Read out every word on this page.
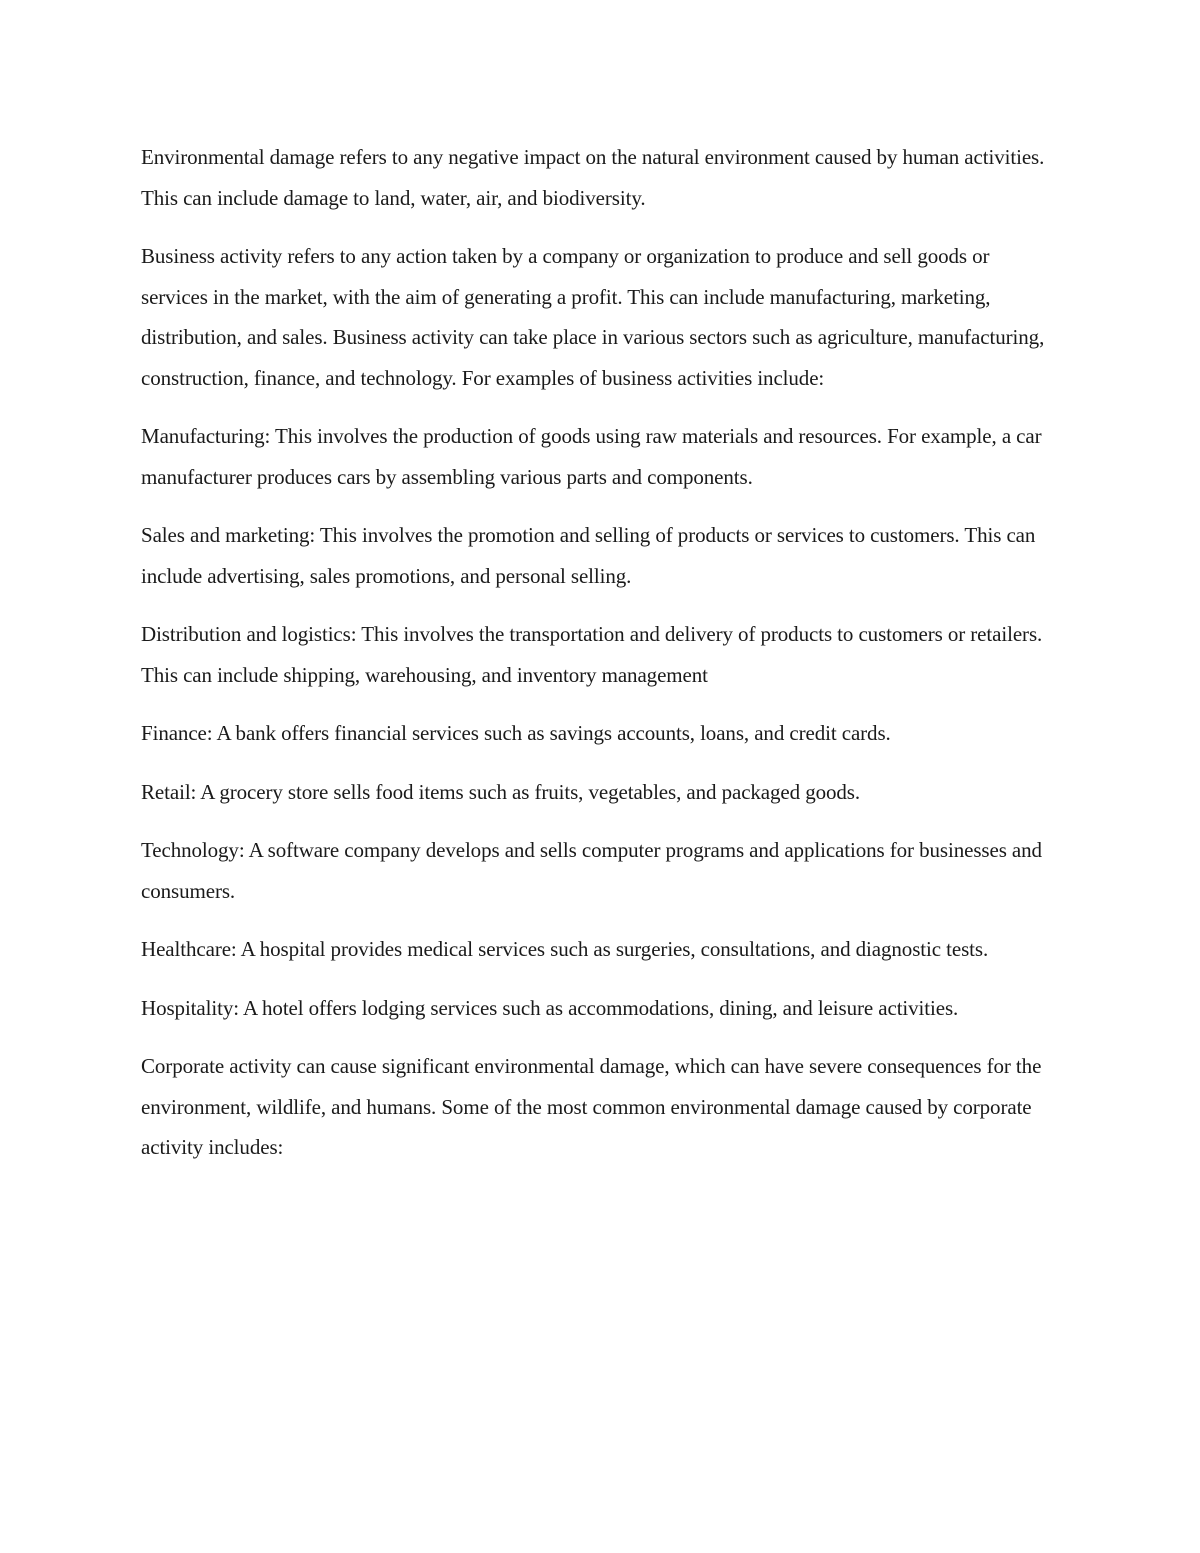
Environmental damage refers to any negative impact on the natural environment caused by human activities. This can include damage to land, water, air, and biodiversity.

Business activity refers to any action taken by a company or organization to produce and sell goods or services in the market, with the aim of generating a profit. This can include manufacturing, marketing, distribution, and sales. Business activity can take place in various sectors such as agriculture, manufacturing, construction, finance, and technology. For examples of business activities include:

Manufacturing: This involves the production of goods using raw materials and resources. For example, a car manufacturer produces cars by assembling various parts and components.

Sales and marketing: This involves the promotion and selling of products or services to customers. This can include advertising, sales promotions, and personal selling.

Distribution and logistics: This involves the transportation and delivery of products to customers or retailers. This can include shipping, warehousing, and inventory management

Finance: A bank offers financial services such as savings accounts, loans, and credit cards.

Retail: A grocery store sells food items such as fruits, vegetables, and packaged goods.

Technology: A software company develops and sells computer programs and applications for businesses and consumers.

Healthcare: A hospital provides medical services such as surgeries, consultations, and diagnostic tests.

Hospitality: A hotel offers lodging services such as accommodations, dining, and leisure activities.

Corporate activity can cause significant environmental damage, which can have severe consequences for the environment, wildlife, and humans. Some of the most common environmental damage caused by corporate activity includes:
